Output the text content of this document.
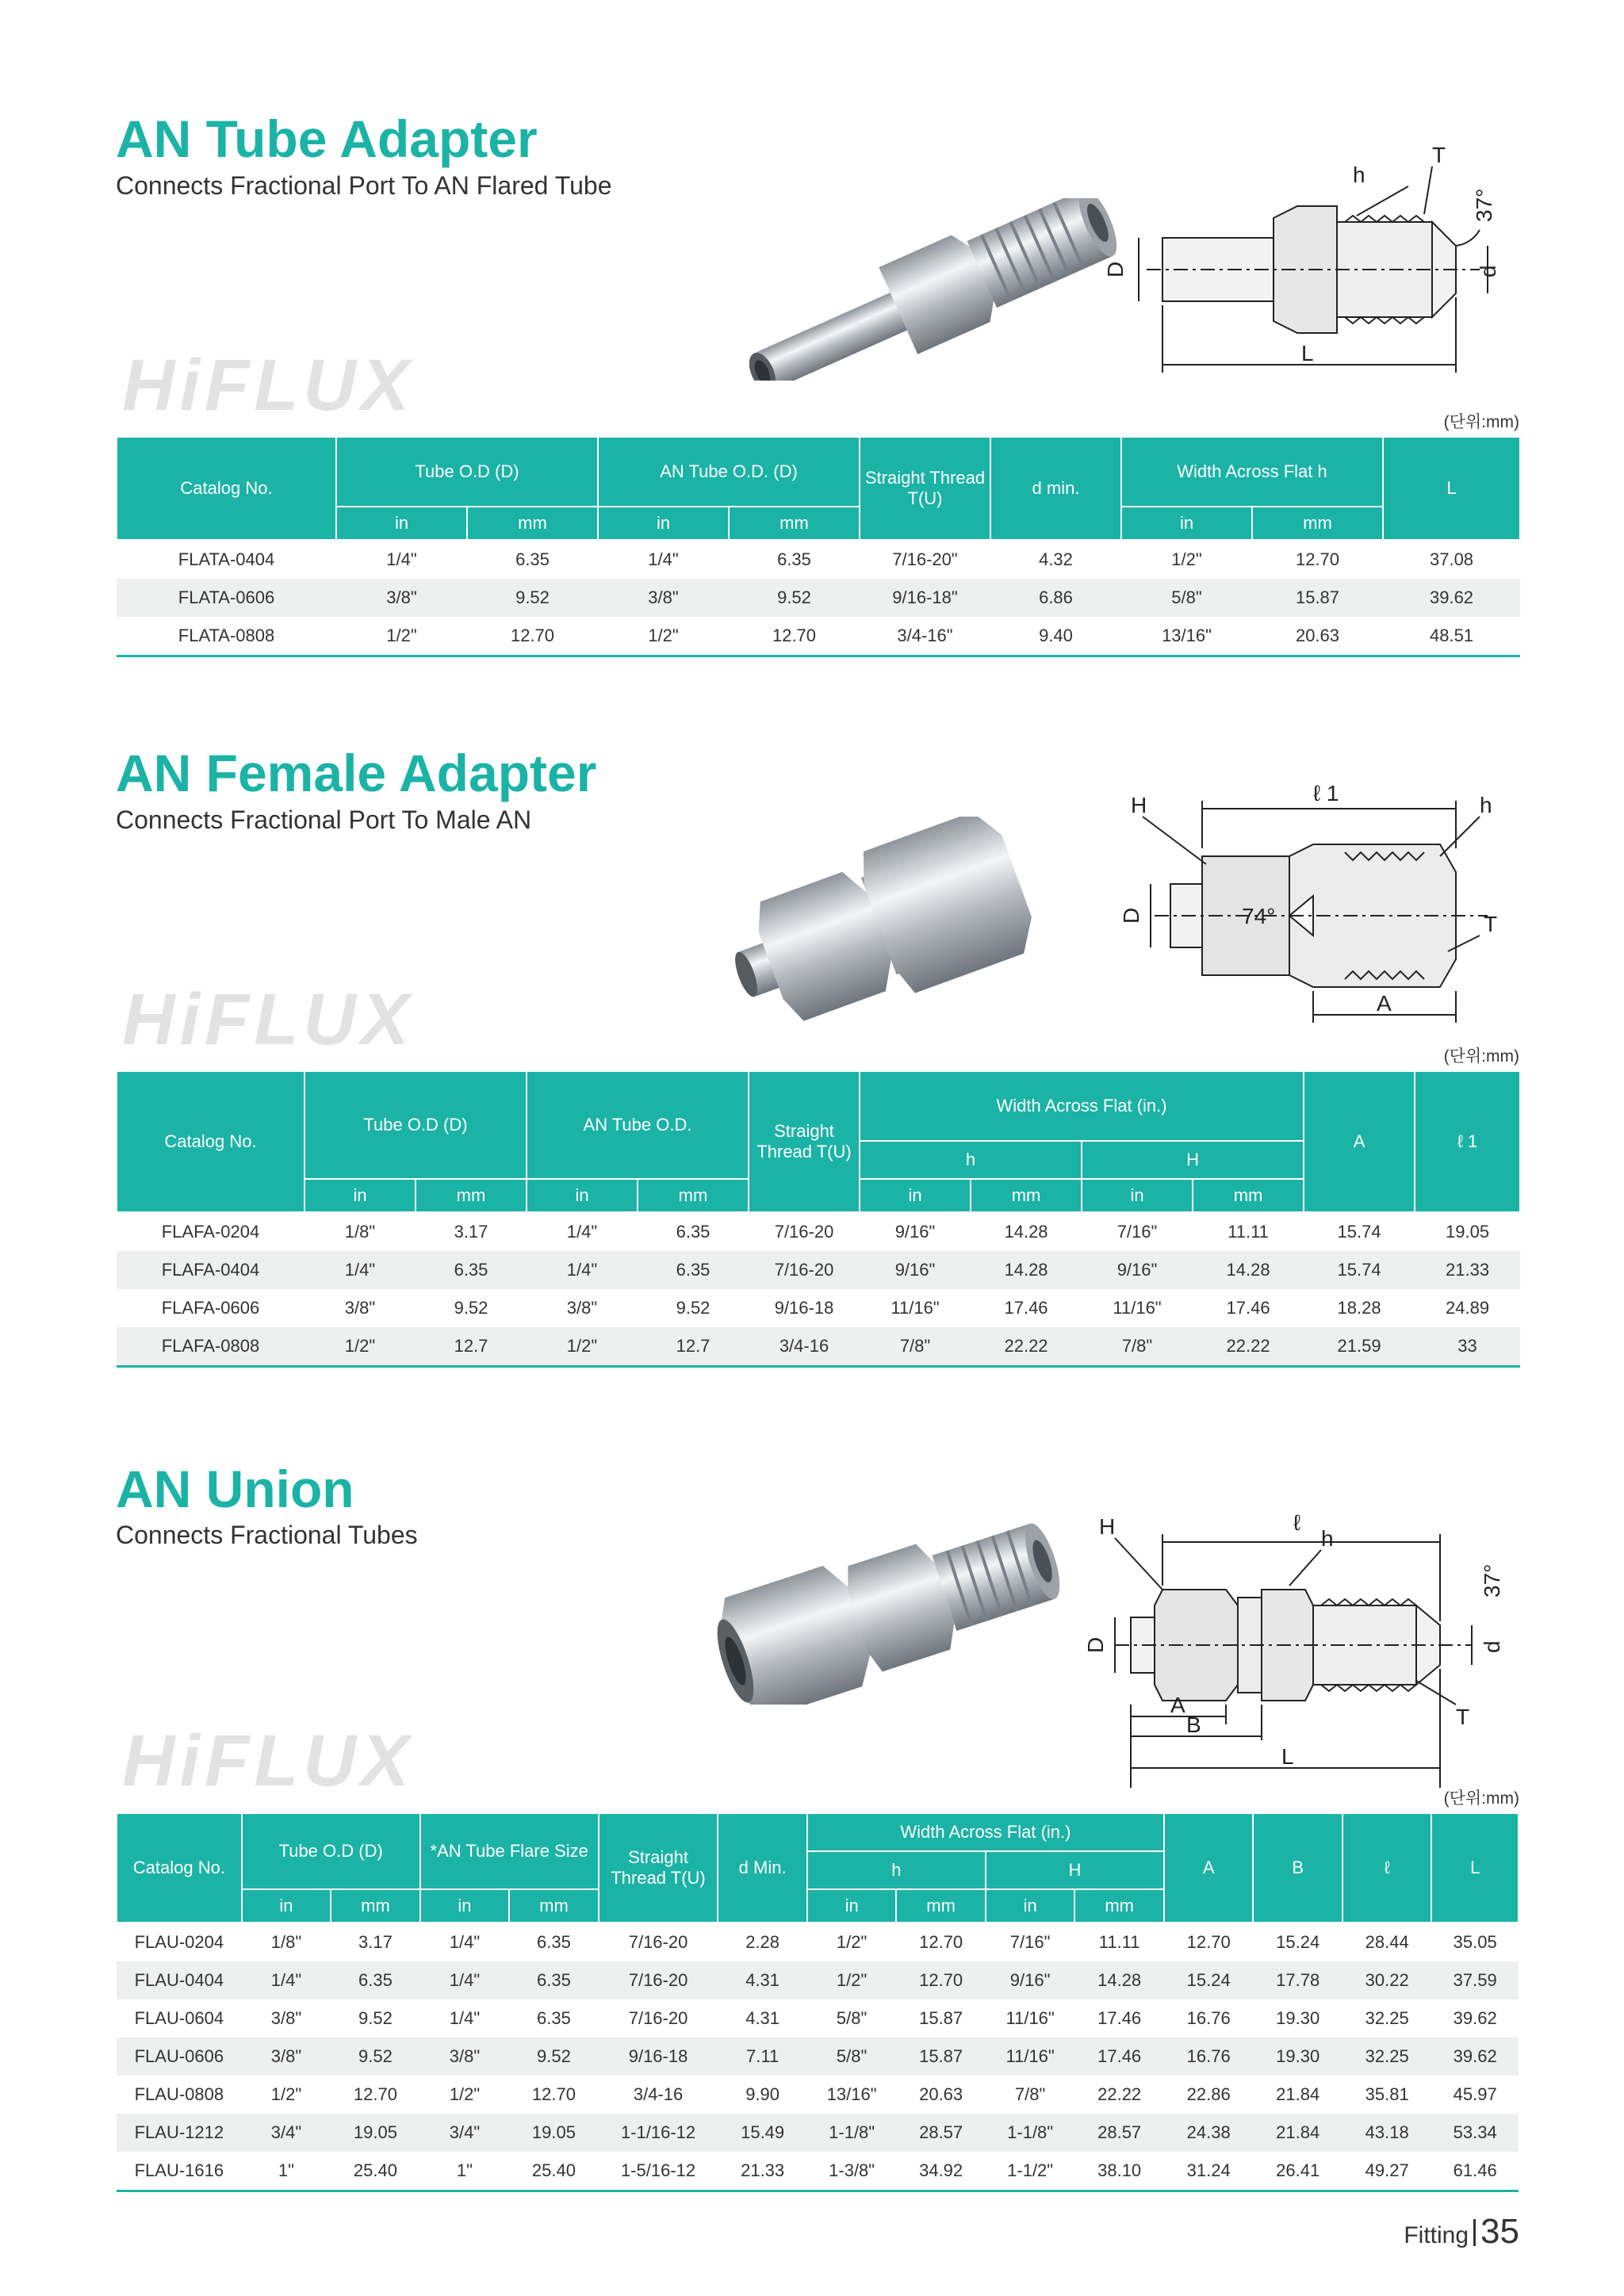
AN Tube Adapter
Connects Fractional Port To AN Flared Tube
HiFLUX
h
T
37°
D	d
L
(단위:mm)
Catalog No.	Tube O.D (D)		AN Tube O.D. (D)		Straight Thread T(U)	d min.	Width Across Flat h		L
	in	mm	in	mm			in	mm	
FLATA-0404	1/4"	6.35	1/4"	6.35	7/16-20"	4.32	1/2"	12.70	37.08
FLATA-0606	3/8"	9.52	3/8"	9.52	9/16-18"	6.86	5/8"	15.87	39.62
FLATA-0808	1/2"	12.70	1/2"	12.70	3/4-16"	9.40	13/16"	20.63	48.51
AN Female Adapter
Connects Fractional Port To Male AN
HiFLUX
ℓ 1
H	h
D	74°	T
A
(단위:mm)
Catalog No.	Tube O.D (D)		AN Tube O.D.		Straight Thread T(U)	Width Across Flat (in.)				A	ℓ 1
						h		H			
	in	mm	in	mm		in	mm	in	mm		
FLAFA-0204	1/8"	3.17	1/4"	6.35	7/16-20	9/16"	14.28	7/16"	11.11	15.74	19.05
FLAFA-0404	1/4"	6.35	1/4"	6.35	7/16-20	9/16"	14.28	9/16"	14.28	15.74	21.33
FLAFA-0606	3/8"	9.52	3/8"	9.52	9/16-18	11/16"	17.46	11/16"	17.46	18.28	24.89
FLAFA-0808	1/2"	12.7	1/2"	12.7	3/4-16	7/8"	22.22	7/8"	22.22	21.59	33
AN Union
Connects Fractional Tubes
HiFLUX
ℓ
H	h
37°
D	d
T
A
B
L
(단위:mm)
Catalog No.	Tube O.D (D)		*AN Tube Flare Size		Straight Thread T(U)	d Min.	Width Across Flat (in.)				A	B	ℓ	L
							h		H					
	in	mm	in	mm			in	mm	in	mm				
FLAU-0204	1/8"	3.17	1/4"	6.35	7/16-20	2.28	1/2"	12.70	7/16"	11.11	12.70	15.24	28.44	35.05
FLAU-0404	1/4"	6.35	1/4"	6.35	7/16-20	4.31	1/2"	12.70	9/16"	14.28	15.24	17.78	30.22	37.59
FLAU-0604	3/8"	9.52	1/4"	6.35	7/16-20	4.31	5/8"	15.87	11/16"	17.46	16.76	19.30	32.25	39.62
FLAU-0606	3/8"	9.52	3/8"	9.52	9/16-18	7.11	5/8"	15.87	11/16"	17.46	16.76	19.30	32.25	39.62
FLAU-0808	1/2"	12.70	1/2"	12.70	3/4-16	9.90	13/16"	20.63	7/8"	22.22	22.86	21.84	35.81	45.97
FLAU-1212	3/4"	19.05	3/4"	19.05	1-1/16-12	15.49	1-1/8"	28.57	1-1/8"	28.57	24.38	21.84	43.18	53.34
FLAU-1616	1"	25.40	1"	25.40	1-5/16-12	21.33	1-3/8"	34.92	1-1/2"	38.10	31.24	26.41	49.27	61.46
Fitting 35
